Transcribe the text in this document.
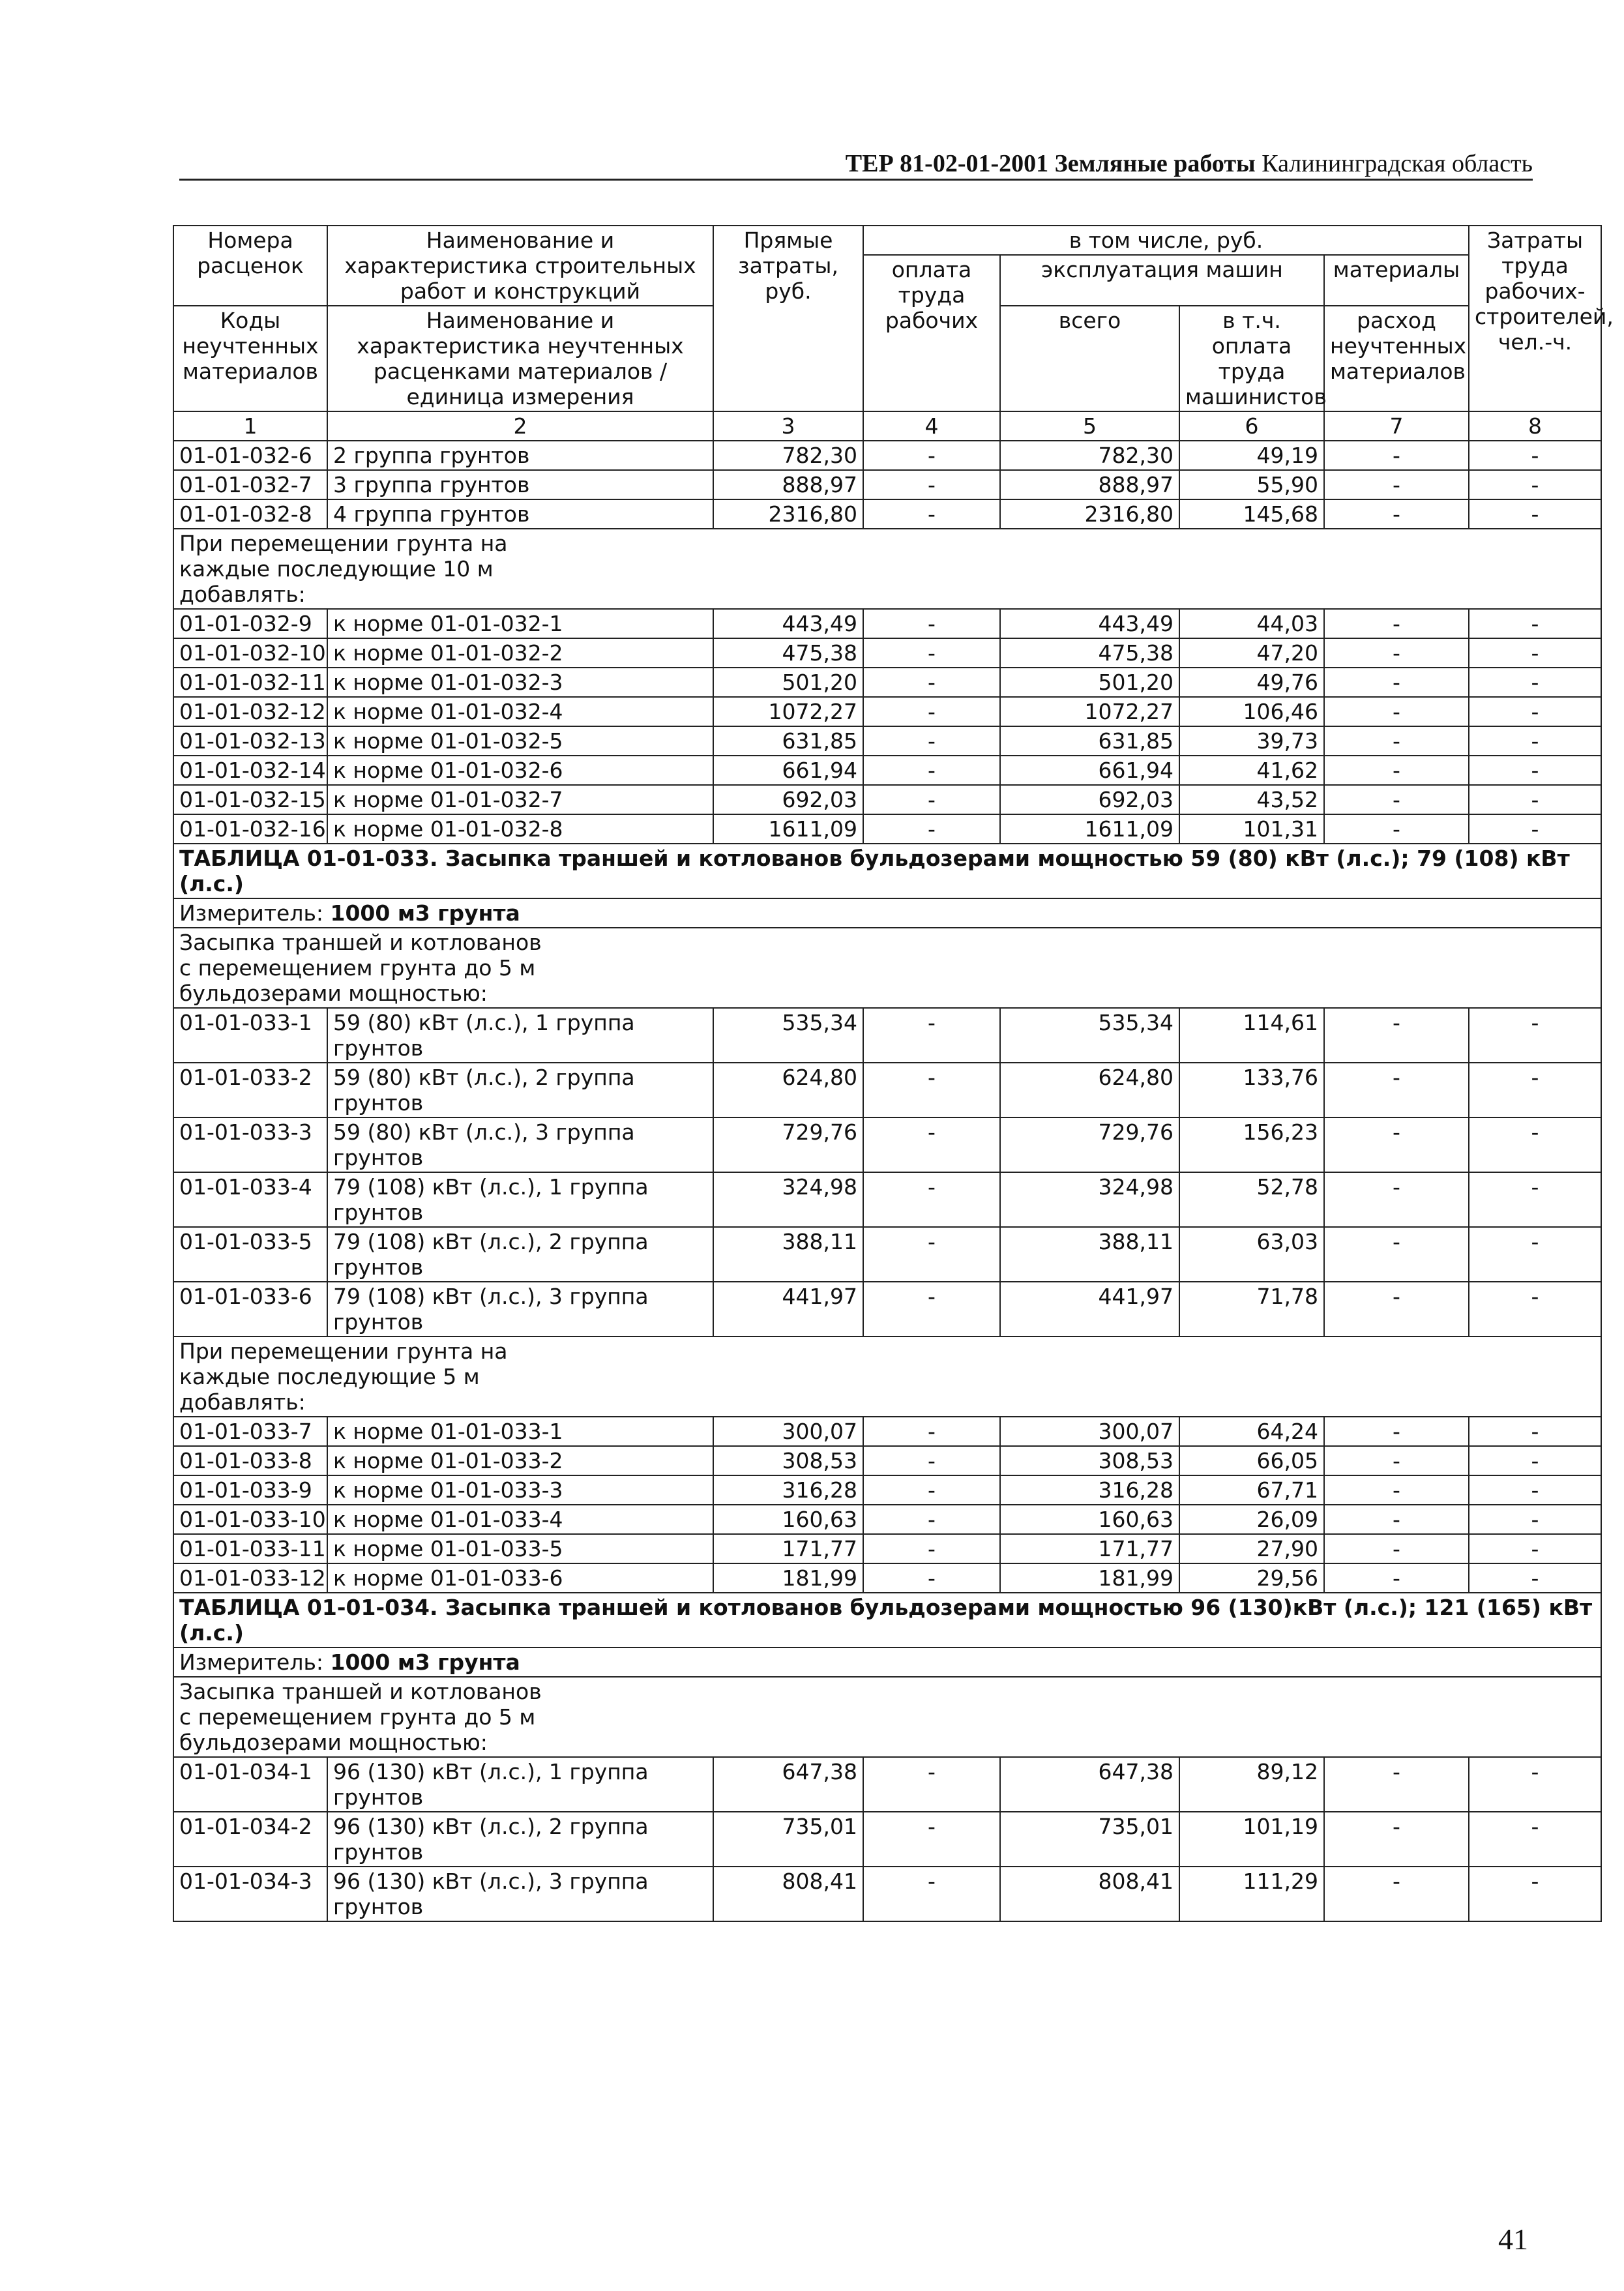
ТЕР 81-02-01-2001 Земляные работы Калининградская область
Номера расценок	Наименование и характеристика строительных работ и конструкций	Прямые затраты, руб.	в том числе, руб.				Затраты труда рабочих-строителей, чел.-ч.
			оплата труда рабочих	эксплуатация машин		материалы	
Коды неучтенных материалов	Наименование и характеристика неучтенных расценками материалов / единица измерения			всего	в т.ч. оплата труда машинистов	расход неучтенных материалов	

1	2	3	4	5	6	7	8
01-01-032-6	2 группа грунтов	782,30	-	782,30	49,19	-	-
01-01-032-7	3 группа грунтов	888,97	-	888,97	55,90	-	-
01-01-032-8	4 группа грунтов	2316,80	-	2316,80	145,68	-	-
При перемещении грунта на каждые последующие 10 м добавлять:							
01-01-032-9	к норме 01-01-032-1	443,49	-	443,49	44,03	-	-
01-01-032-10	к норме 01-01-032-2	475,38	-	475,38	47,20	-	-
01-01-032-11	к норме 01-01-032-3	501,20	-	501,20	49,76	-	-
01-01-032-12	к норме 01-01-032-4	1072,27	-	1072,27	106,46	-	-
01-01-032-13	к норме 01-01-032-5	631,85	-	631,85	39,73	-	-
01-01-032-14	к норме 01-01-032-6	661,94	-	661,94	41,62	-	-
01-01-032-15	к норме 01-01-032-7	692,03	-	692,03	43,52	-	-
01-01-032-16	к норме 01-01-032-8	1611,09	-	1611,09	101,31	-	-
ТАБЛИЦА 01-01-033. Засыпка траншей и котлованов бульдозерами мощностью 59 (80) кВт (л.с.); 79 (108) кВт (л.с.)							
Измеритель: 1000 м3 грунта							
Засыпка траншей и котлованов с перемещением грунта до 5 м бульдозерами мощностью:							
01-01-033-1	59 (80) кВт (л.с.), 1 группа грунтов	535,34	-	535,34	114,61	-	-
01-01-033-2	59 (80) кВт (л.с.), 2 группа грунтов	624,80	-	624,80	133,76	-	-
01-01-033-3	59 (80) кВт (л.с.), 3 группа грунтов	729,76	-	729,76	156,23	-	-
01-01-033-4	79 (108) кВт (л.с.), 1 группа грунтов	324,98	-	324,98	52,78	-	-
01-01-033-5	79 (108) кВт (л.с.), 2 группа грунтов	388,11	-	388,11	63,03	-	-
01-01-033-6	79 (108) кВт (л.с.), 3 группа грунтов	441,97	-	441,97	71,78	-	-
При перемещении грунта на каждые последующие 5 м добавлять:							
01-01-033-7	к норме 01-01-033-1	300,07	-	300,07	64,24	-	-
01-01-033-8	к норме 01-01-033-2	308,53	-	308,53	66,05	-	-
01-01-033-9	к норме 01-01-033-3	316,28	-	316,28	67,71	-	-
01-01-033-10	к норме 01-01-033-4	160,63	-	160,63	26,09	-	-
01-01-033-11	к норме 01-01-033-5	171,77	-	171,77	27,90	-	-
01-01-033-12	к норме 01-01-033-6	181,99	-	181,99	29,56	-	-
ТАБЛИЦА 01-01-034. Засыпка траншей и котлованов бульдозерами мощностью 96 (130)кВт (л.с.); 121 (165) кВт (л.с.)							
Измеритель: 1000 м3 грунта							
Засыпка траншей и котлованов с перемещением грунта до 5 м бульдозерами мощностью:							
01-01-034-1	96 (130) кВт (л.с.), 1 группа грунтов	647,38	-	647,38	89,12	-	-
01-01-034-2	96 (130) кВт (л.с.), 2 группа грунтов	735,01	-	735,01	101,19	-	-
01-01-034-3	96 (130) кВт (л.с.), 3 группа грунтов	808,41	-	808,41	111,29	-	-
41
